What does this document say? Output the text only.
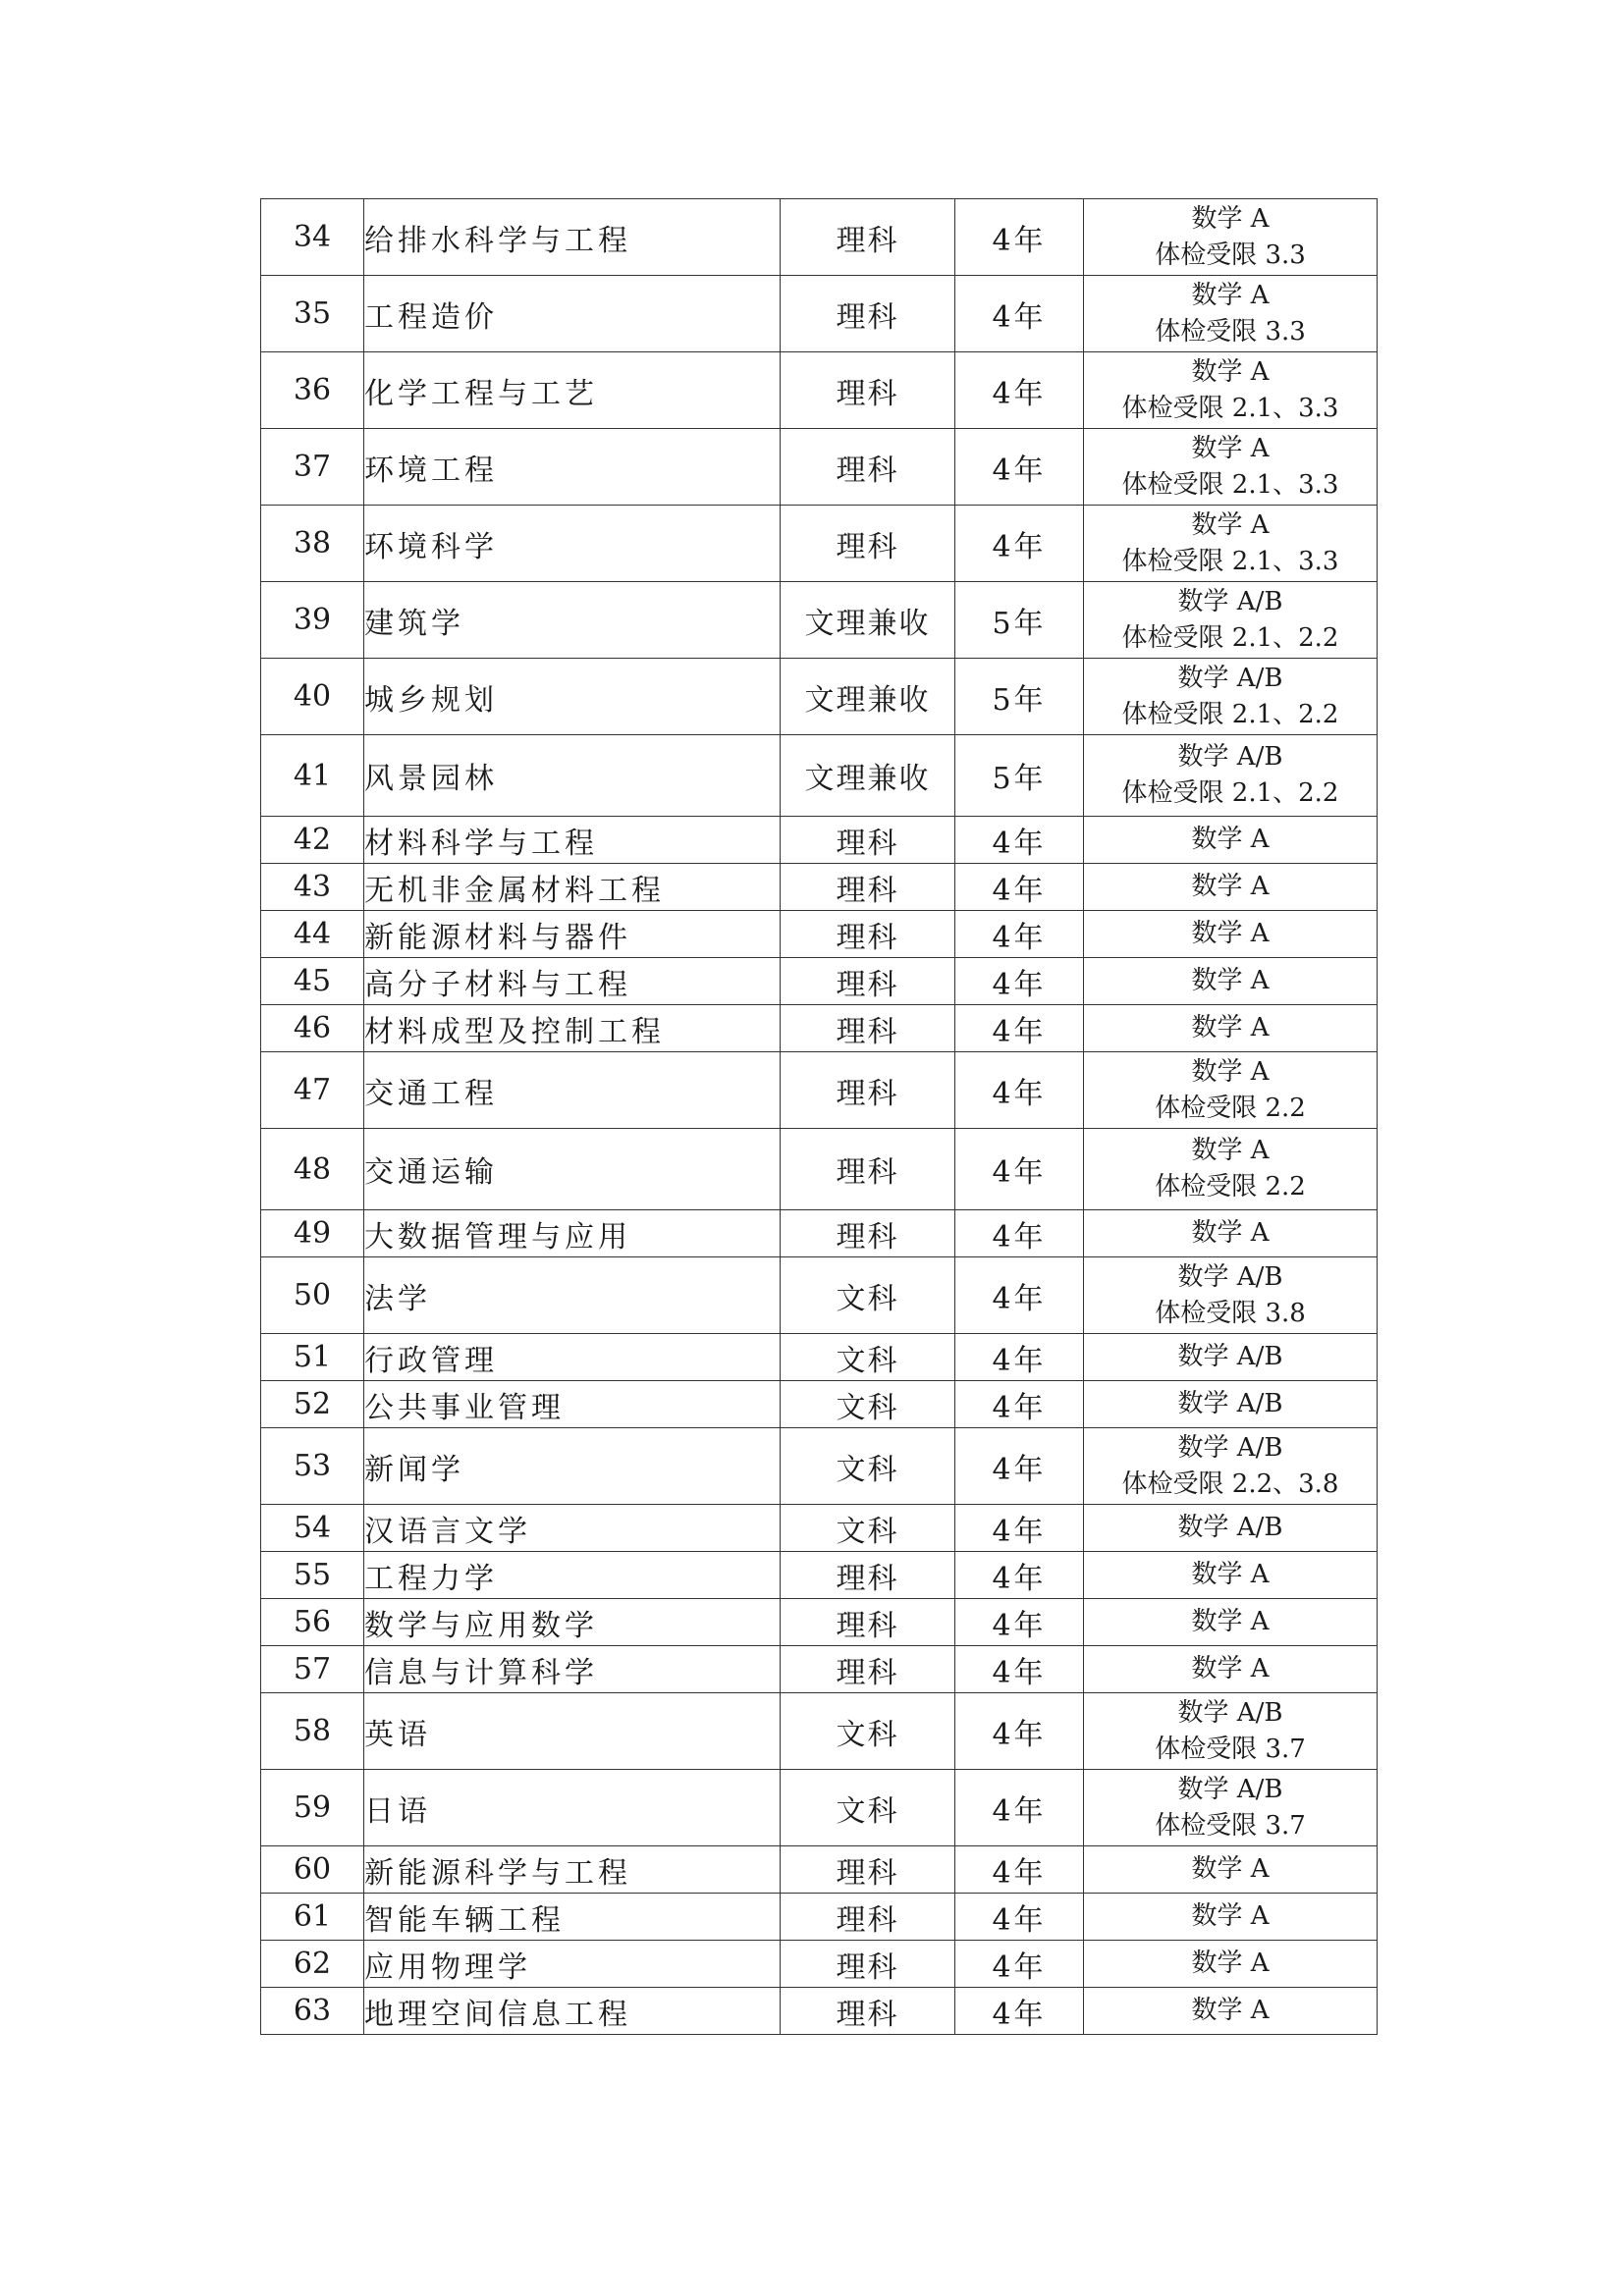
34	给排水科学与工程	理科	4年	数学 A
体检受限 3.3

35	工程造价	理科	4年	数学 A
体检受限 3.3

36	化学工程与工艺	理科	4年	数学 A
体检受限 2.1、3.3

37	环境工程	理科	4年	数学 A
体检受限 2.1、3.3

38	环境科学	理科	4年	数学 A
体检受限 2.1、3.3

39	建筑学	文理兼收	5年	数学 A/B
体检受限 2.1、2.2

40	城乡规划	文理兼收	5年	数学 A/B
体检受限 2.1、2.2

41	风景园林	文理兼收	5年	数学 A/B
体检受限 2.1、2.2

42	材料科学与工程	理科	4年	数学 A

43	无机非金属材料工程	理科	4年	数学 A

44	新能源材料与器件	理科	4年	数学 A

45	高分子材料与工程	理科	4年	数学 A

46	材料成型及控制工程	理科	4年	数学 A

47	交通工程	理科	4年	数学 A
体检受限 2.2

48	交通运输	理科	4年	数学 A
体检受限 2.2

49	大数据管理与应用	理科	4年	数学 A

50	法学	文科	4年	数学 A/B
体检受限 3.8

51	行政管理	文科	4年	数学 A/B

52	公共事业管理	文科	4年	数学 A/B

53	新闻学	文科	4年	数学 A/B
体检受限 2.2、3.8

54	汉语言文学	文科	4年	数学 A/B

55	工程力学	理科	4年	数学 A

56	数学与应用数学	理科	4年	数学 A

57	信息与计算科学	理科	4年	数学 A

58	英语	文科	4年	数学 A/B
体检受限 3.7

59	日语	文科	4年	数学 A/B
体检受限 3.7

60	新能源科学与工程	理科	4年	数学 A

61	智能车辆工程	理科	4年	数学 A

62	应用物理学	理科	4年	数学 A

63	地理空间信息工程	理科	4年	数学 A
